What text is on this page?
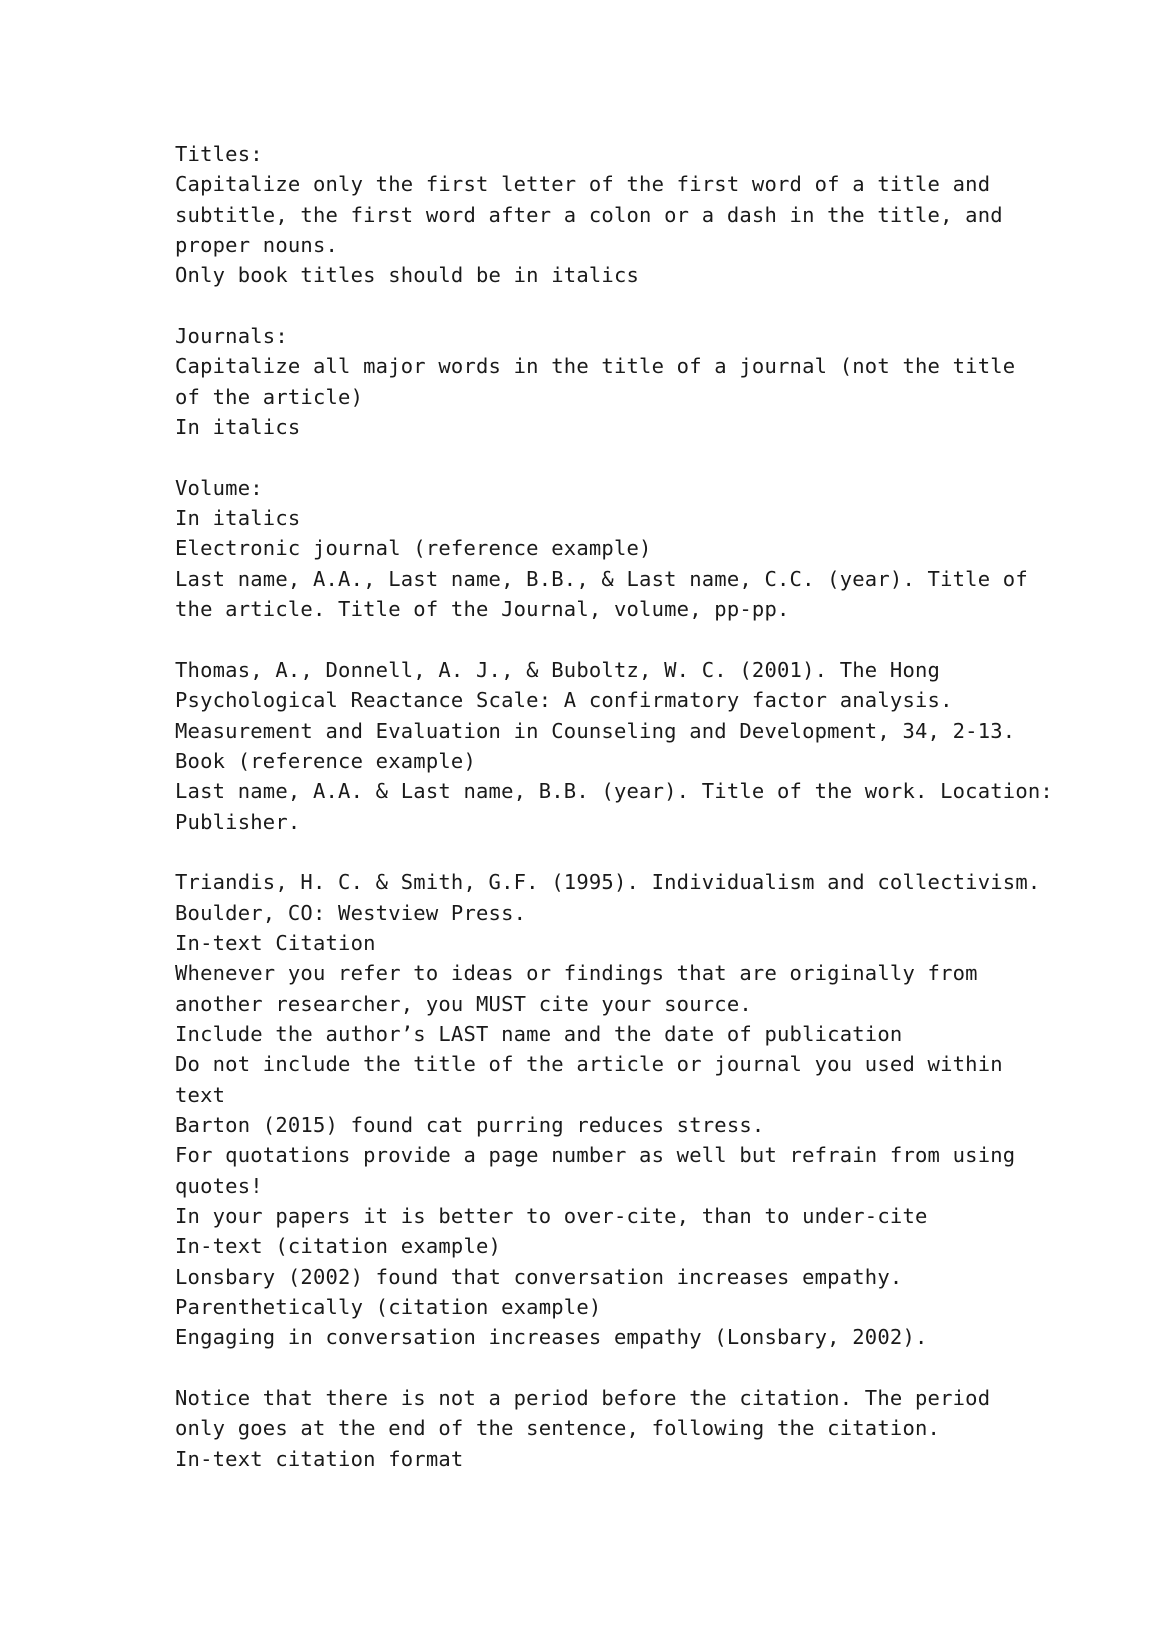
Titles:
Capitalize only the first letter of the first word of a title and
subtitle, the first word after a colon or a dash in the title, and
proper nouns.
Only book titles should be in italics
Journals:
Capitalize all major words in the title of a journal (not the title
of the article)
In italics
Volume:
In italics
Electronic journal (reference example)
Last name, A.A., Last name, B.B., & Last name, C.C. (year). Title of
the article. Title of the Journal, volume, pp-pp.
Thomas, A., Donnell, A. J., & Buboltz, W. C. (2001). The Hong
Psychological Reactance Scale: A confirmatory factor analysis.
Measurement and Evaluation in Counseling and Development, 34, 2-13.
Book (reference example)
Last name, A.A. & Last name, B.B. (year). Title of the work. Location:
Publisher.
Triandis, H. C. & Smith, G.F. (1995). Individualism and collectivism.
Boulder, CO: Westview Press.
In-text Citation
Whenever you refer to ideas or findings that are originally from
another researcher, you MUST cite your source.
Include the author’s LAST name and the date of publication
Do not include the title of the article or journal you used within
text
Barton (2015) found cat purring reduces stress.
For quotations provide a page number as well but refrain from using
quotes!
In your papers it is better to over-cite, than to under-cite
In-text (citation example)
Lonsbary (2002) found that conversation increases empathy.
Parenthetically (citation example)
Engaging in conversation increases empathy (Lonsbary, 2002).
Notice that there is not a period before the citation. The period
only goes at the end of the sentence, following the citation.
In-text citation format
